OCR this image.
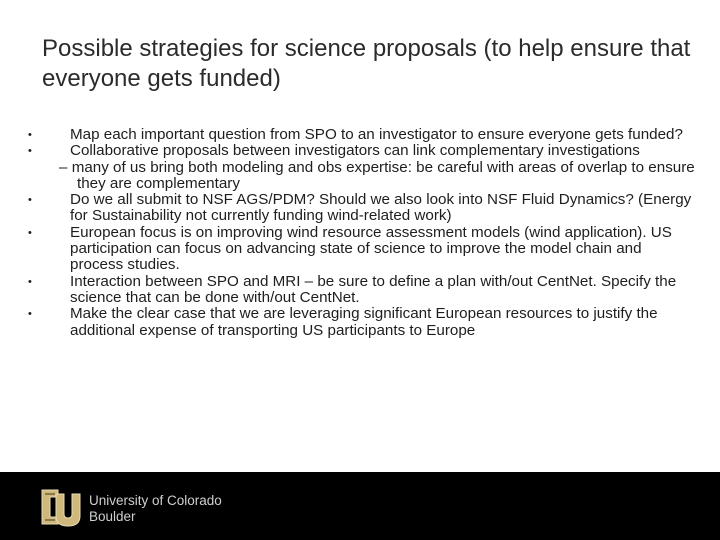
Possible strategies for science proposals (to help ensure that everyone gets funded)
•	Map each important question from SPO to an investigator to ensure everyone gets funded?
•	Collaborative proposals between investigators can link complementary investigations
– many of us bring both modeling and obs expertise: be careful with areas of overlap to ensure they are complementary
•	Do we all submit to NSF AGS/PDM? Should we also look into NSF Fluid Dynamics? (Energy for Sustainability not currently funding wind-related work)
•	European focus is on improving wind resource assessment models (wind application). US participation can focus on advancing state of science to improve the model chain and process studies.
•	Interaction between SPO and MRI – be sure to define a plan with/out CentNet. Specify the science that can be done with/out CentNet.
•	Make the clear case that we are leveraging significant European resources to justify the additional expense of transporting US participants to Europe
University of Colorado
Boulder
